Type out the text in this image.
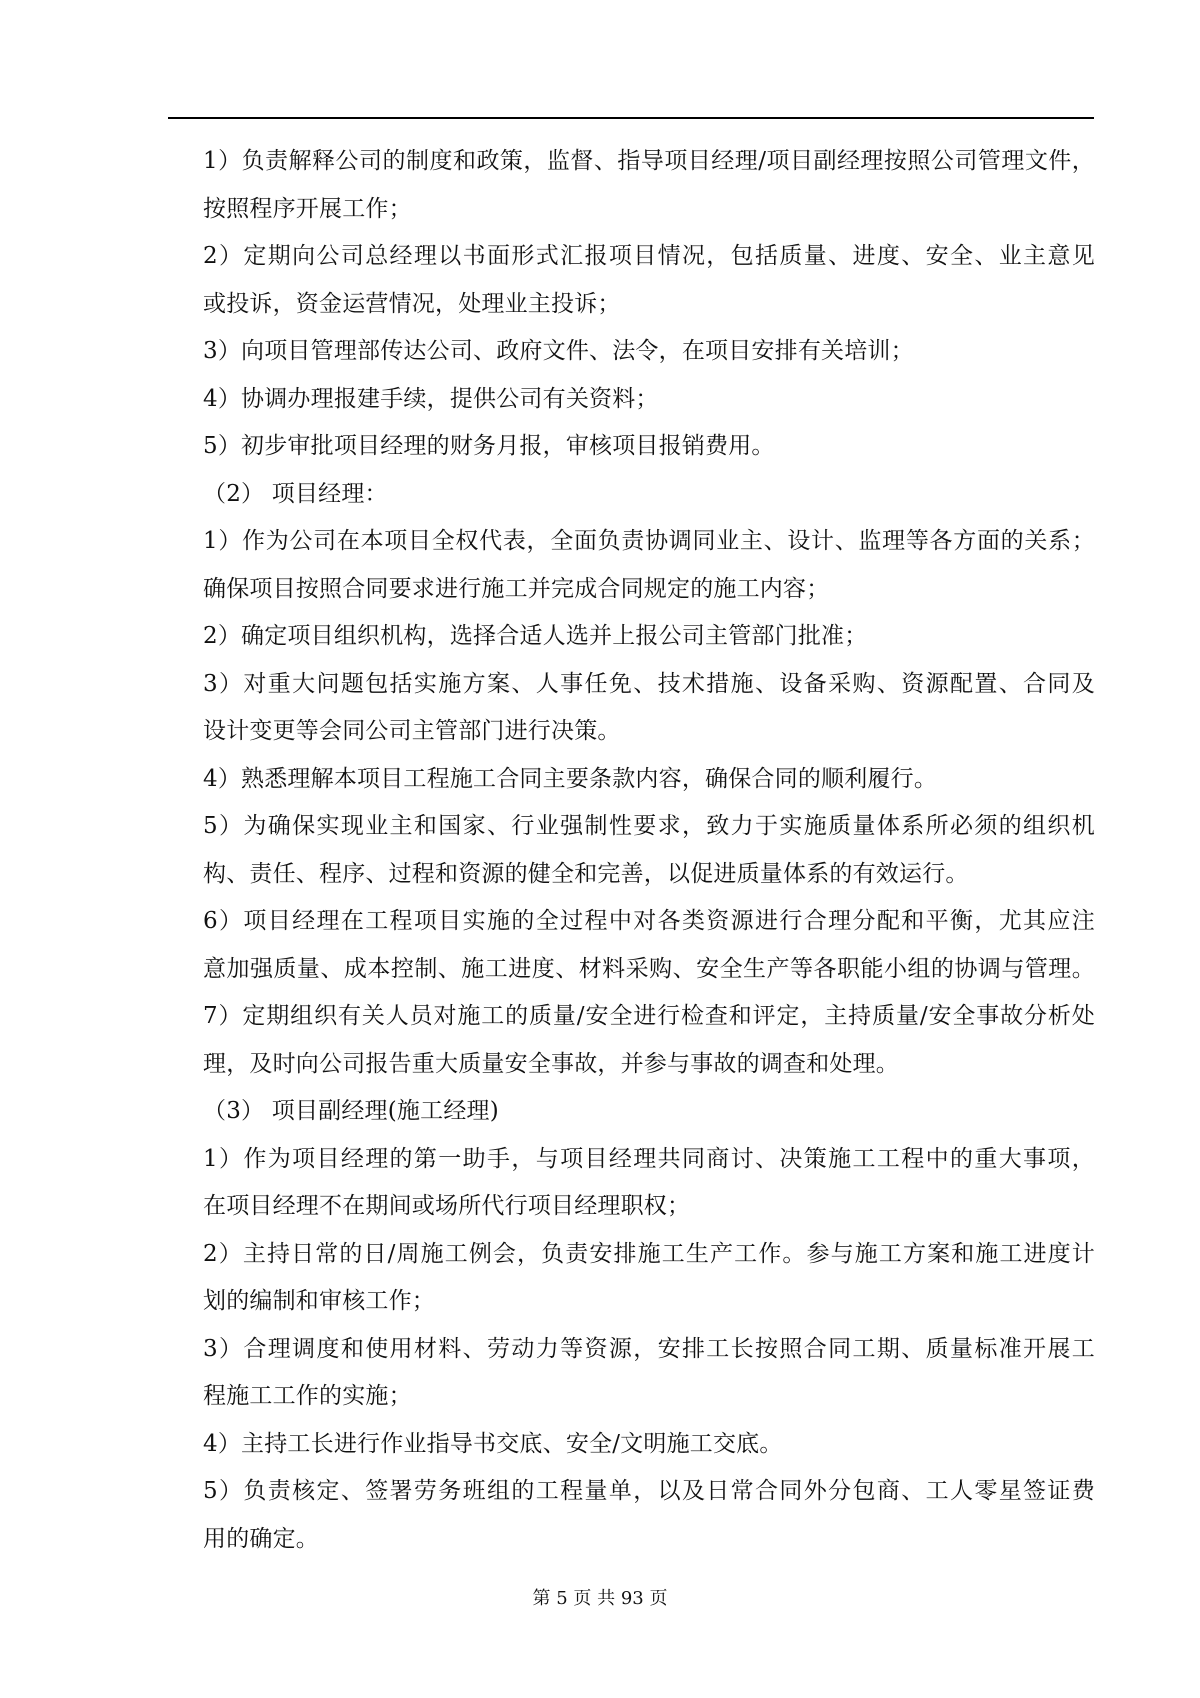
1）负责解释公司的制度和政策，监督、指导项目经理/项目副经理按照公司管理文件，
按照程序开展工作；
2）定期向公司总经理以书面形式汇报项目情况，包括质量、进度、安全、业主意见
或投诉，资金运营情况，处理业主投诉；
3）向项目管理部传达公司、政府文件、法令，在项目安排有关培训；
4）协调办理报建手续，提供公司有关资料；
5）初步审批项目经理的财务月报，审核项目报销费用。
（2） 项目经理：
1）作为公司在本项目全权代表，全面负责协调同业主、设计、监理等各方面的关系；
确保项目按照合同要求进行施工并完成合同规定的施工内容；
2）确定项目组织机构，选择合适人选并上报公司主管部门批准；
3）对重大问题包括实施方案、人事任免、技术措施、设备采购、资源配置、合同及
设计变更等会同公司主管部门进行决策。
4）熟悉理解本项目工程施工合同主要条款内容，确保合同的顺利履行。
5）为确保实现业主和国家、行业强制性要求，致力于实施质量体系所必须的组织机
构、责任、程序、过程和资源的健全和完善，以促进质量体系的有效运行。
6）项目经理在工程项目实施的全过程中对各类资源进行合理分配和平衡，尤其应注
意加强质量、成本控制、施工进度、材料采购、安全生产等各职能小组的协调与管理。
7）定期组织有关人员对施工的质量/安全进行检查和评定，主持质量/安全事故分析处
理，及时向公司报告重大质量安全事故，并参与事故的调查和处理。
（3） 项目副经理(施工经理)
1）作为项目经理的第一助手，与项目经理共同商讨、决策施工工程中的重大事项，
在项目经理不在期间或场所代行项目经理职权；
2）主持日常的日/周施工例会，负责安排施工生产工作。参与施工方案和施工进度计
划的编制和审核工作；
3）合理调度和使用材料、劳动力等资源，安排工长按照合同工期、质量标准开展工
程施工工作的实施；
4）主持工长进行作业指导书交底、安全/文明施工交底。
5）负责核定、签署劳务班组的工程量单，以及日常合同外分包商、工人零星签证费
用的确定。
第 5 页 共 93 页
